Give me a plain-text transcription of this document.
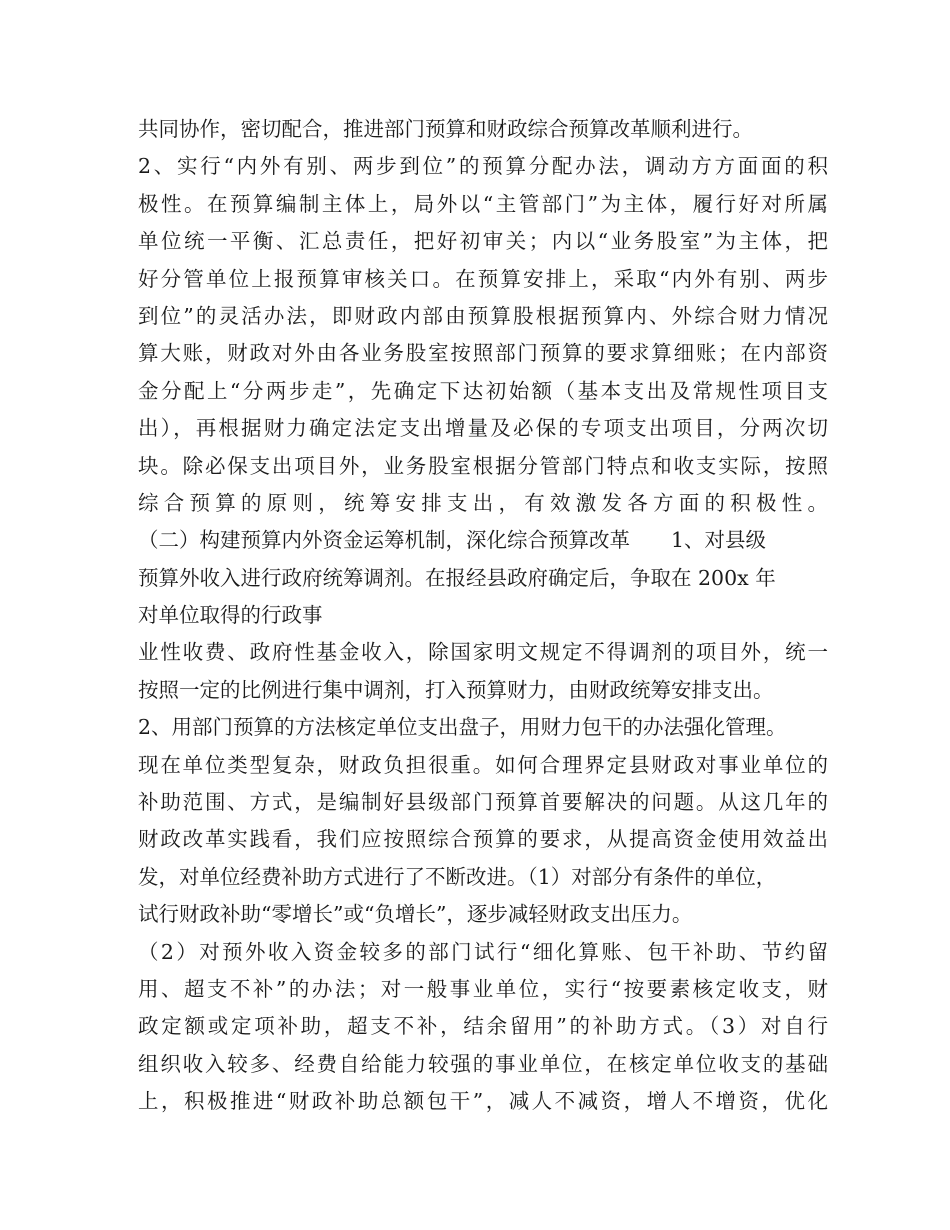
共同协作，密切配合，推进部门预算和财政综合预算改革顺利进行。
2、实行“内外有别、两步到位”的预算分配办法，调动方方面面的积
极性。在预算编制主体上，局外以“主管部门”为主体，履行好对所属
单位统一平衡、汇总责任，把好初审关；内以“业务股室”为主体，把
好分管单位上报预算审核关口。在预算安排上，采取“内外有别、两步
到位”的灵活办法，即财政内部由预算股根据预算内、外综合财力情况
算大账，财政对外由各业务股室按照部门预算的要求算细账；在内部资
金分配上“分两步走”，先确定下达初始额（基本支出及常规性项目支
出），再根据财力确定法定支出增量及必保的专项支出项目，分两次切
块。除必保支出项目外，业务股室根据分管部门特点和收支实际，按照
综合预算的原则，统筹安排支出，有效激发各方面的积极性。
（二）构建预算内外资金运筹机制，深化综合预算改革　　1、对县级
预算外收入进行政府统筹调剂。在报经县政府确定后，争取在 200x 年
对单位取得的行政事
业性收费、政府性基金收入，除国家明文规定不得调剂的项目外，统一
按照一定的比例进行集中调剂，打入预算财力，由财政统筹安排支出。
2、用部门预算的方法核定单位支出盘子，用财力包干的办法强化管理。
现在单位类型复杂，财政负担很重。如何合理界定县财政对事业单位的
补助范围、方式，是编制好县级部门预算首要解决的问题。从这几年的
财政改革实践看，我们应按照综合预算的要求，从提高资金使用效益出
发，对单位经费补助方式进行了不断改进。（1）对部分有条件的单位，
试行财政补助“零增长”或“负增长”，逐步减轻财政支出压力。
（2）对预外收入资金较多的部门试行“细化算账、包干补助、节约留
用、超支不补”的办法；对一般事业单位，实行“按要素核定收支，财
政定额或定项补助，超支不补，结余留用”的补助方式。（3）对自行
组织收入较多、经费自给能力较强的事业单位，在核定单位收支的基础
上，积极推进“财政补助总额包干”，减人不减资，增人不增资，优化
